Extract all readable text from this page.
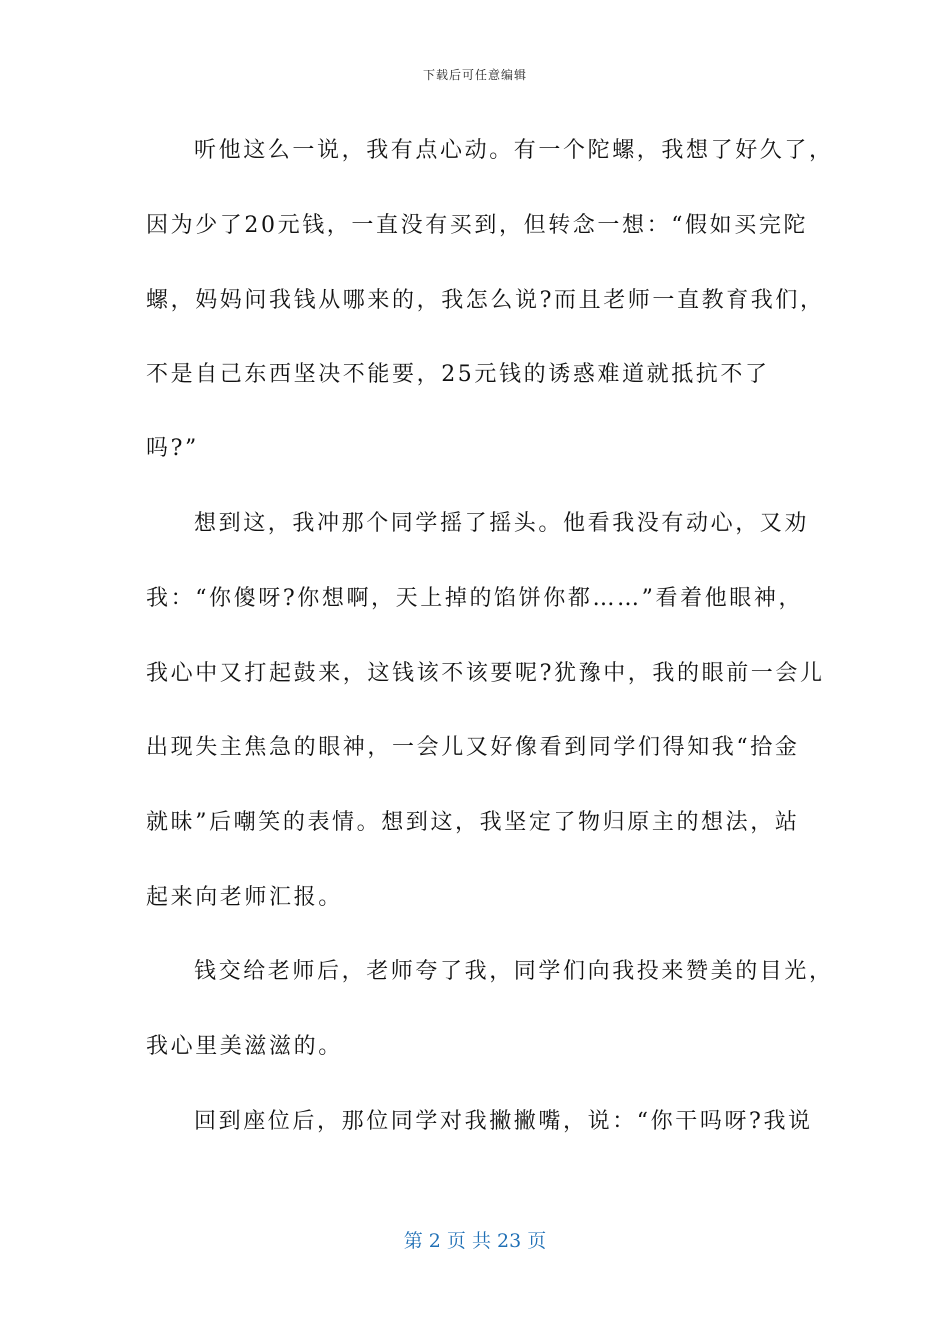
下载后可任意编辑
听他这么一说，我有点心动。有一个陀螺，我想了好久了，
因为少了20元钱，一直没有买到，但转念一想：“假如买完陀
螺，妈妈问我钱从哪来的，我怎么说?而且老师一直教育我们，
不是自己东西坚决不能要，25元钱的诱惑难道就抵抗不了
吗?”
想到这，我冲那个同学摇了摇头。他看我没有动心，又劝
我：“你傻呀?你想啊，天上掉的馅饼你都……”看着他眼神，
我心中又打起鼓来，这钱该不该要呢?犹豫中，我的眼前一会儿
出现失主焦急的眼神，一会儿又好像看到同学们得知我“拾金
就昧”后嘲笑的表情。想到这，我坚定了物归原主的想法，站
起来向老师汇报。
钱交给老师后，老师夸了我，同学们向我投来赞美的目光，
我心里美滋滋的。
回到座位后，那位同学对我撇撇嘴，说：“你干吗呀?我说
第 2 页 共 23 页
